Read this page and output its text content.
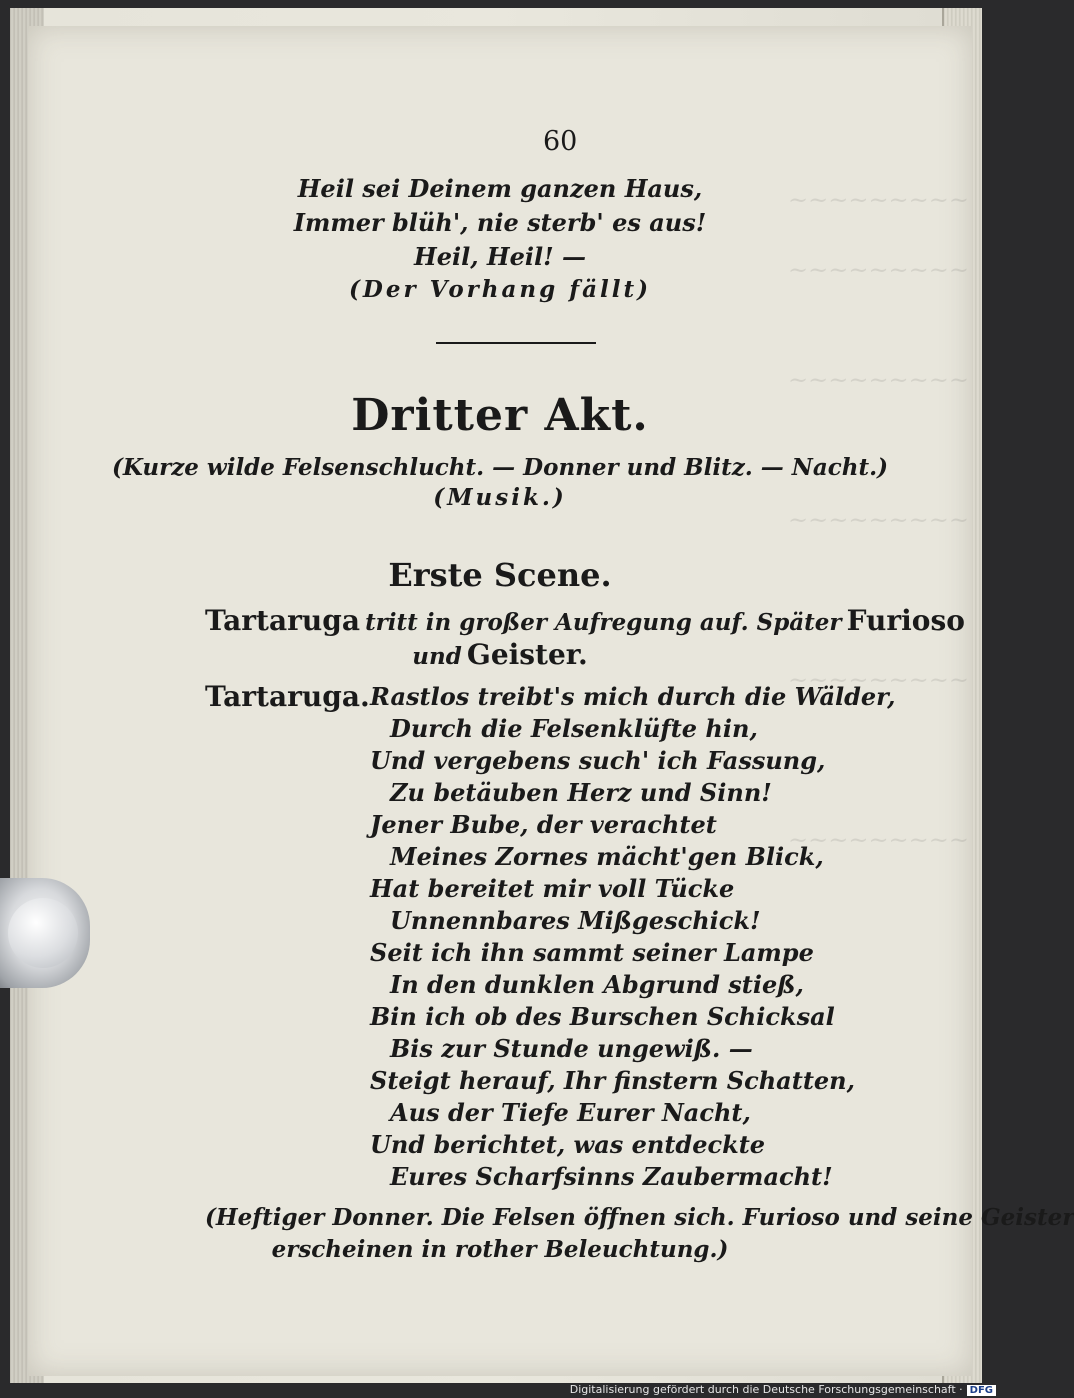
~~~~~~~~~
~~~~~~~~~
~~~~~~~~~
~~~~~~~~~
~~~~~~~~~
~~~~~~~~~
60
Heil sei Deinem ganzen Haus,
Immer blüh', nie sterb' es aus!
Heil, Heil! —
(Der Vorhang fällt)
Dritter Akt.
(Kurze wilde Felsenschlucht. — Donner und Blitz. — Nacht.)
(Musik.)
Erste Scene.
Tartaruga tritt in großer Aufregung auf. Später Furioso
und Geister.
Tartaruga. Rastlos treibt's mich durch die Wälder,
Durch die Felsenklüfte hin,
Und vergebens such' ich Fassung,
Zu betäuben Herz und Sinn!
Jener Bube, der verachtet
Meines Zornes mächt'gen Blick,
Hat bereitet mir voll Tücke
Unnennbares Mißgeschick!
Seit ich ihn sammt seiner Lampe
In den dunklen Abgrund stieß,
Bin ich ob des Burschen Schicksal
Bis zur Stunde ungewiß. —
Steigt herauf, Ihr finstern Schatten,
Aus der Tiefe Eurer Nacht,
Und berichtet, was entdeckte
Eures Scharfsinns Zaubermacht!
(Heftiger Donner. Die Felsen öffnen sich. Furioso und seine Geister
erscheinen in rother Beleuchtung.)
Digitalisierung gefördert durch die Deutsche Forschungsgemeinschaft · DFG
